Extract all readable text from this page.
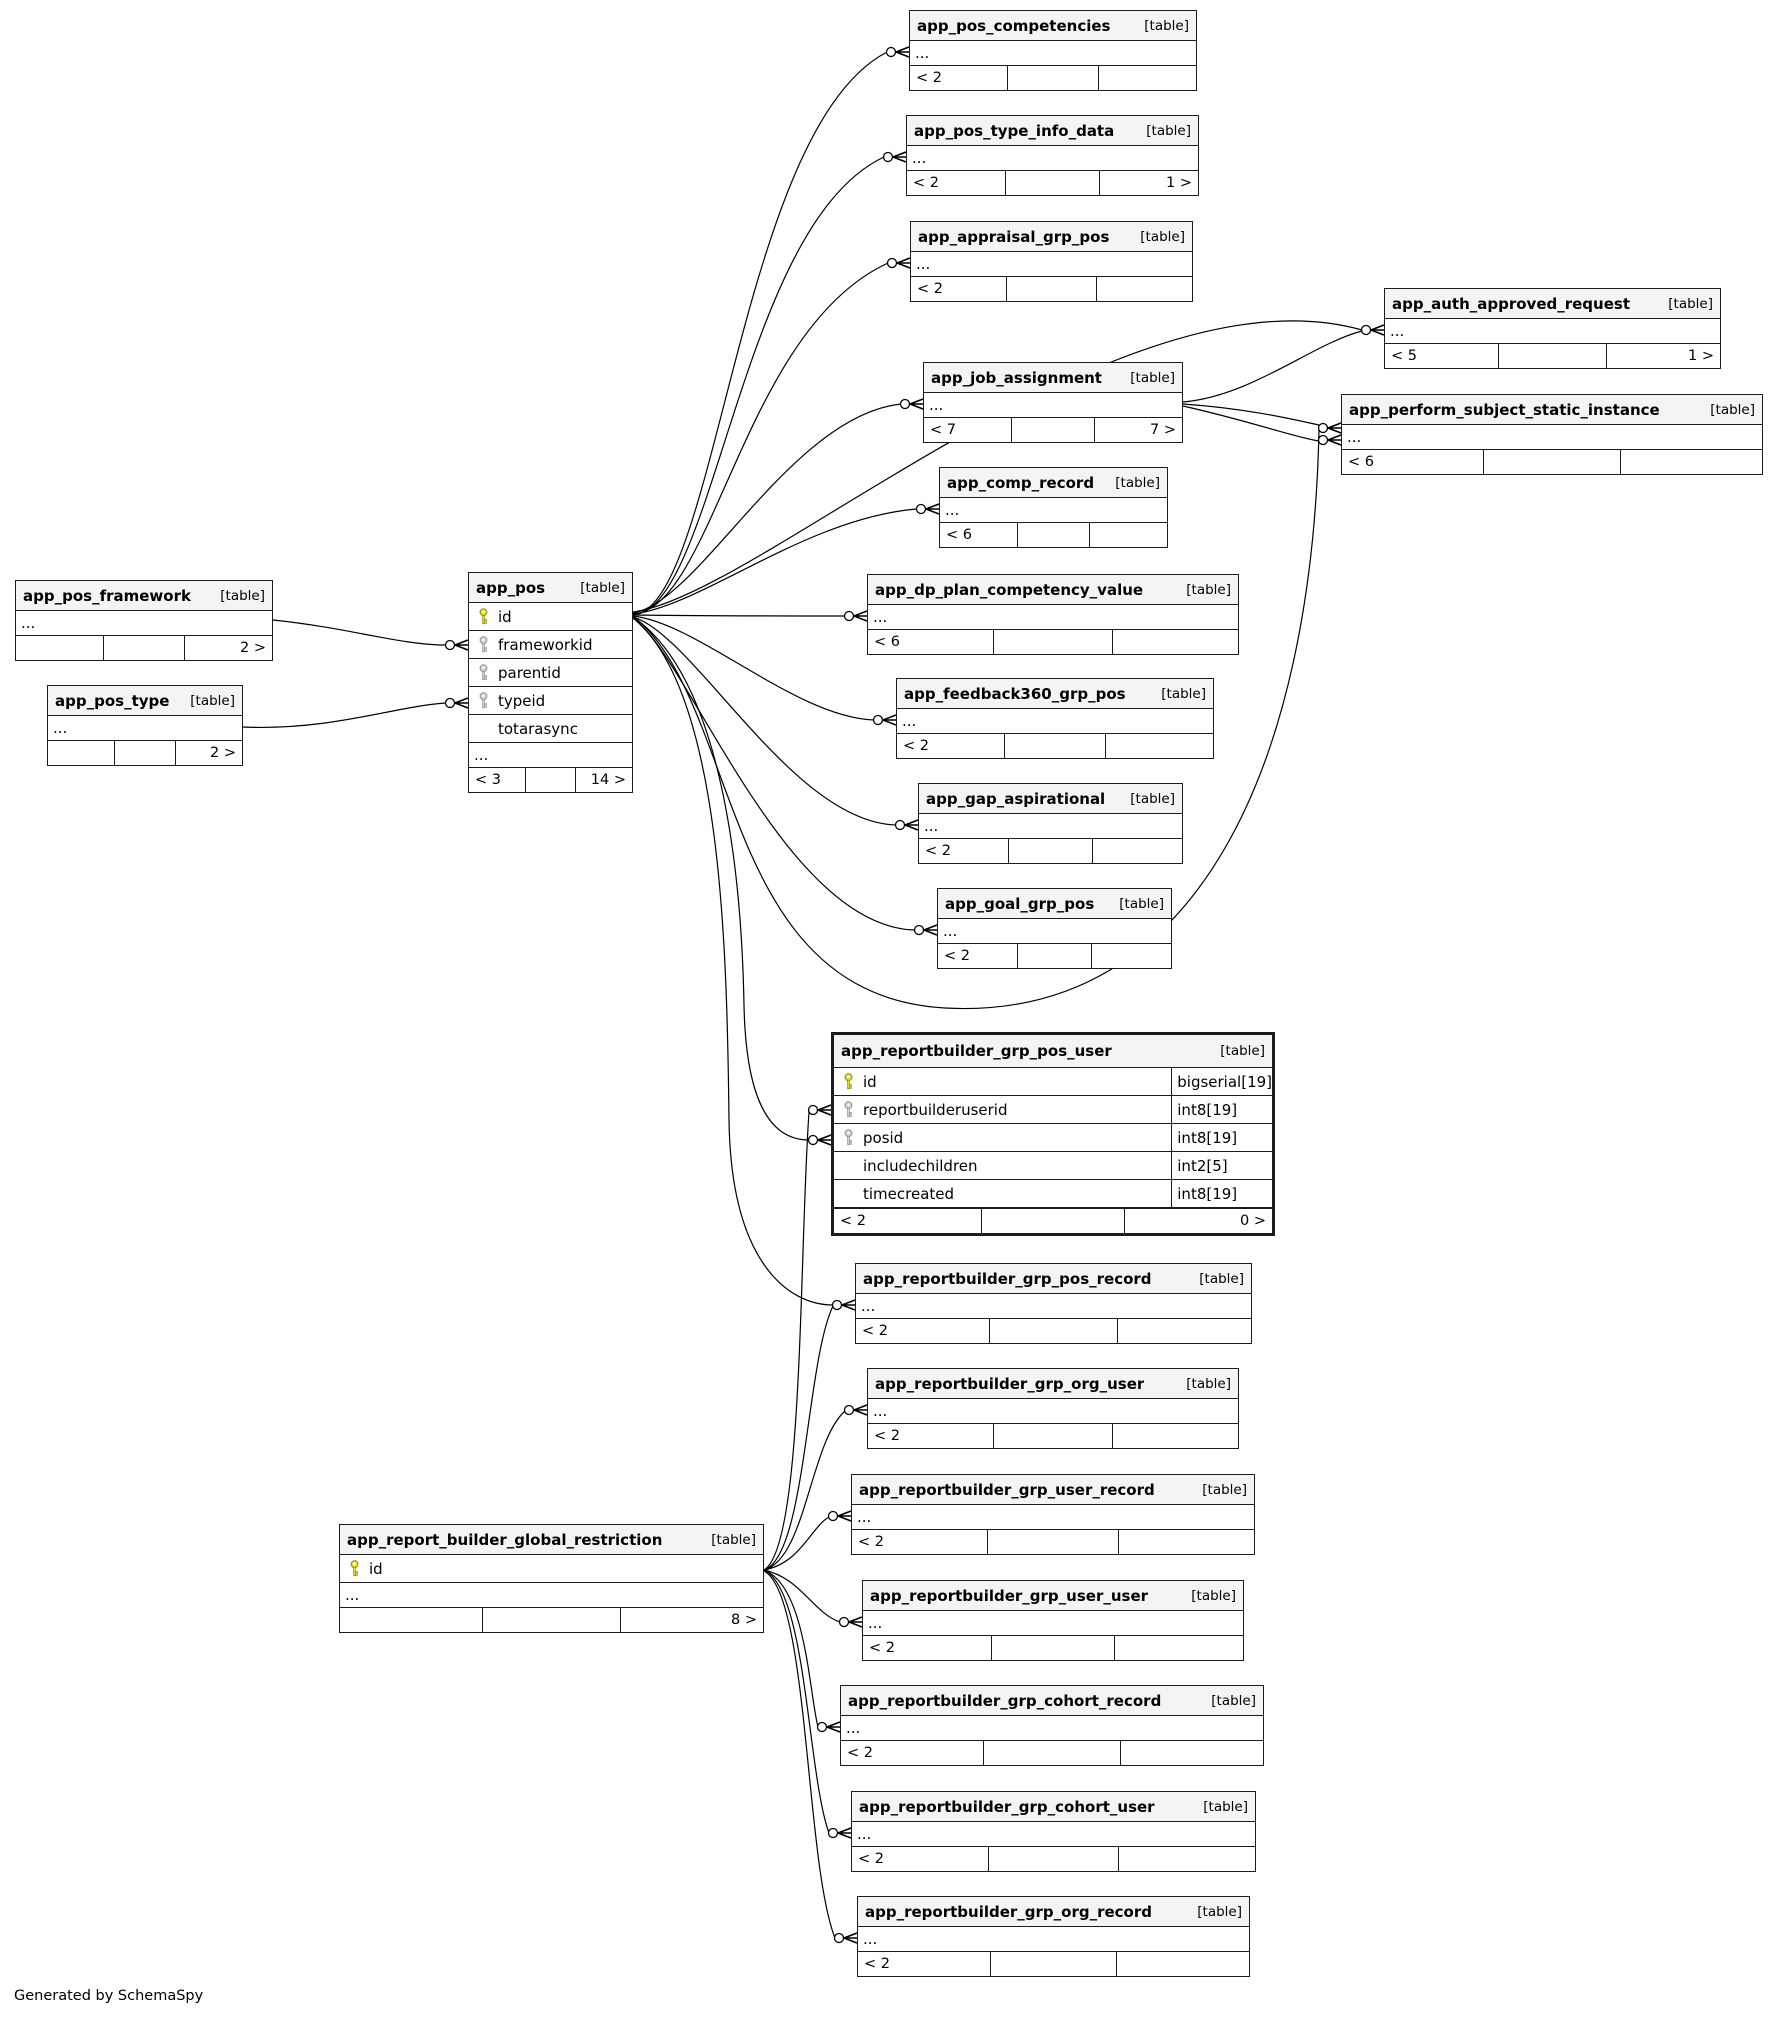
app_pos_competencies	[table]
...
< 2
app_pos_type_info_data [table]
...
< 2	1 >
app_appraisal_grp_pos [table]
...
< 2
app_auth_approved_request	[table]
...
< 5	1 >
app_job_assignment [table]
...
< 7	7 >
app_perform_subject_static_instance	[table]
...
< 6
app_comp_record [table]
...
< 6
app_dp_plan_competency_value	[table]
...
< 6
app_feedback360_grp_pos	[table]
...
< 2
app_gap_aspirational [table]
...
< 2
app_goal_grp_pos [table]
...
< 2
app_pos	[table]
id
frameworkid
parentid
typeid
totarasync
...
< 3	14 >
app_pos_framework [table]
...
2 >
app_pos_type [table]
...
2 >
app_reportbuilder_grp_pos_user	[table]
id	bigserial[19]
reportbuilderuserid	int8[19]
posid	int8[19]
includechildren	int2[5]
timecreated	int8[19]
< 2	0 >
app_reportbuilder_grp_pos_record	[table]
...
< 2
app_reportbuilder_grp_org_user	[table]
...
< 2
app_reportbuilder_grp_user_record	[table]
...
< 2
app_reportbuilder_grp_user_user	[table]
...
< 2
app_reportbuilder_grp_cohort_record	[table]
...
< 2
app_reportbuilder_grp_cohort_user	[table]
...
< 2
app_reportbuilder_grp_org_record	[table]
...
< 2
app_report_builder_global_restriction	[table]
id
...
8 >
Generated by SchemaSpy
